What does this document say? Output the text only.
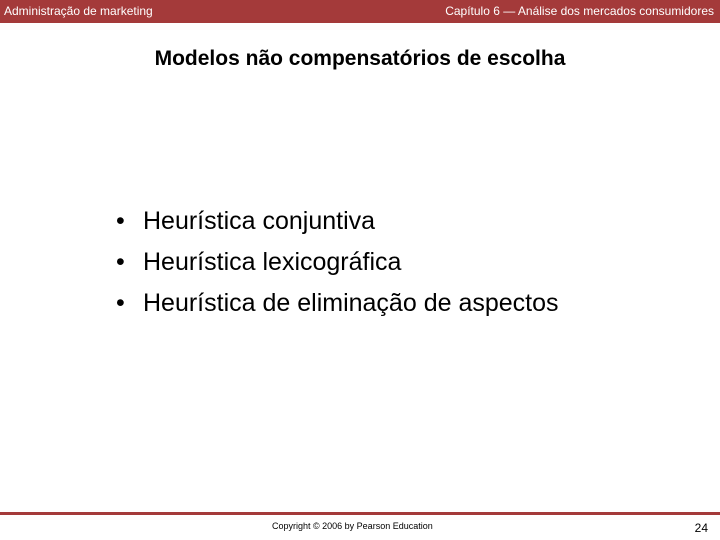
Administração de marketing	Capítulo 6 — Análise dos mercados consumidores
Modelos não compensatórios de escolha
• Heurística conjuntiva
• Heurística lexicográfica
• Heurística de eliminação de aspectos
Copyright © 2006 by Pearson Education	24
